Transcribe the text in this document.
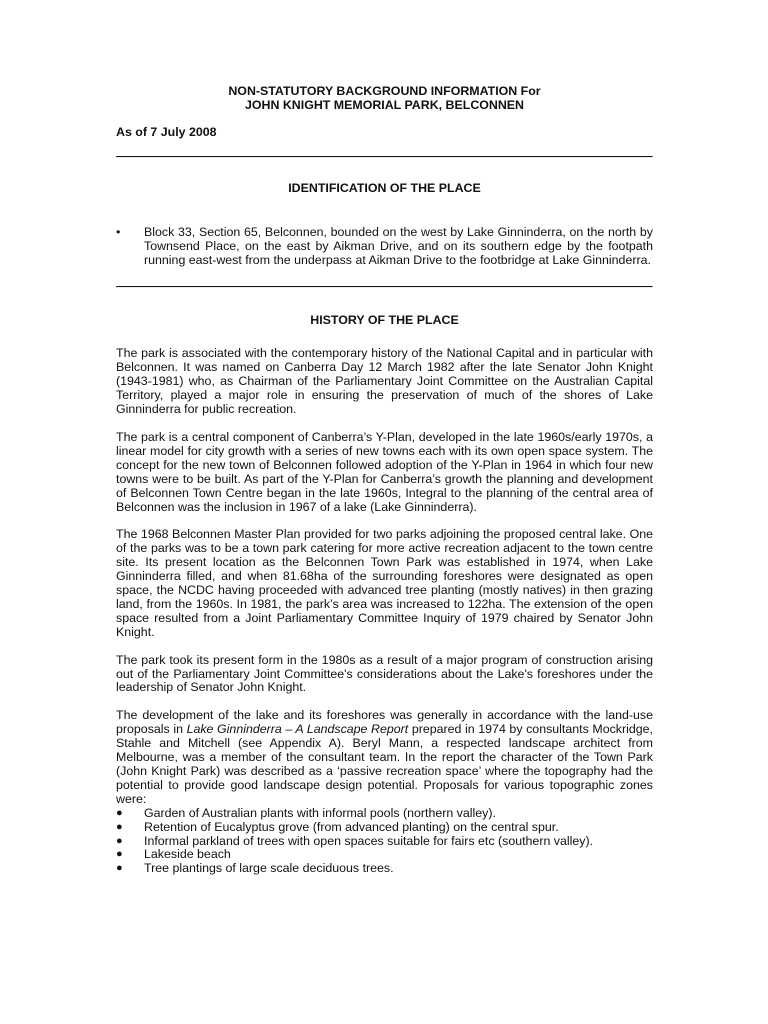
NON-STATUTORY BACKGROUND INFORMATION For
JOHN KNIGHT MEMORIAL PARK, BELCONNEN
As of 7 July 2008
IDENTIFICATION OF THE PLACE
•	Block 33, Section 65, Belconnen, bounded on the west by Lake Ginninderra, on the north by Townsend Place, on the east by Aikman Drive, and on its southern edge by the footpath running east-west from the underpass at Aikman Drive to the footbridge at Lake Ginninderra.
HISTORY OF THE PLACE

The park is associated with the contemporary history of the National Capital and in particular with Belconnen. It was named on Canberra Day 12 March 1982 after the late Senator John Knight (1943-1981) who, as Chairman of the Parliamentary Joint Committee on the Australian Capital Territory, played a major role in ensuring the preservation of much of the shores of Lake Ginninderra for public recreation.

The park is a central component of Canberra’s Y-Plan, developed in the late 1960s/early 1970s, a linear model for city growth with a series of new towns each with its own open space system. The concept for the new town of Belconnen followed adoption of the Y-Plan in 1964 in which four new towns were to be built. As part of the Y-Plan for Canberra’s growth the planning and development of Belconnen Town Centre began in the late 1960s, Integral to the planning of the central area of Belconnen was the inclusion in 1967 of a lake (Lake Ginninderra).

The 1968 Belconnen Master Plan provided for two parks adjoining the proposed central lake. One of the parks was to be a town park catering for more active recreation adjacent to the town centre site. Its present location as the Belconnen Town Park was established in 1974, when Lake Ginninderra filled, and when 81.68ha of the surrounding foreshores were designated as open space, the NCDC having proceeded with advanced tree planting (mostly natives) in then grazing land, from the 1960s. In 1981, the park’s area was increased to 122ha. The extension of the open space resulted from a Joint Parliamentary Committee Inquiry of 1979 chaired by Senator John Knight.

The park took its present form in the 1980s as a result of a major program of construction arising out of the Parliamentary Joint Committee's considerations about the Lake's foreshores under the leadership of Senator John Knight.

The development of the lake and its foreshores was generally in accordance with the land-use proposals in Lake Ginninderra – A Landscape Report prepared in 1974 by consultants Mockridge, Stahle and Mitchell (see Appendix A). Beryl Mann, a respected landscape architect from Melbourne, was a member of the consultant team. In the report the character of the Town Park (John Knight Park) was described as a ‘passive recreation space’ where the topography had the potential to provide good landscape design potential. Proposals for various topographic zones were:

● Garden of Australian plants with informal pools (northern valley).
● Retention of Eucalyptus grove (from advanced planting) on the central spur.
● Informal parkland of trees with open spaces suitable for fairs etc (southern valley).
● Lakeside beach
● Tree plantings of large scale deciduous trees.
